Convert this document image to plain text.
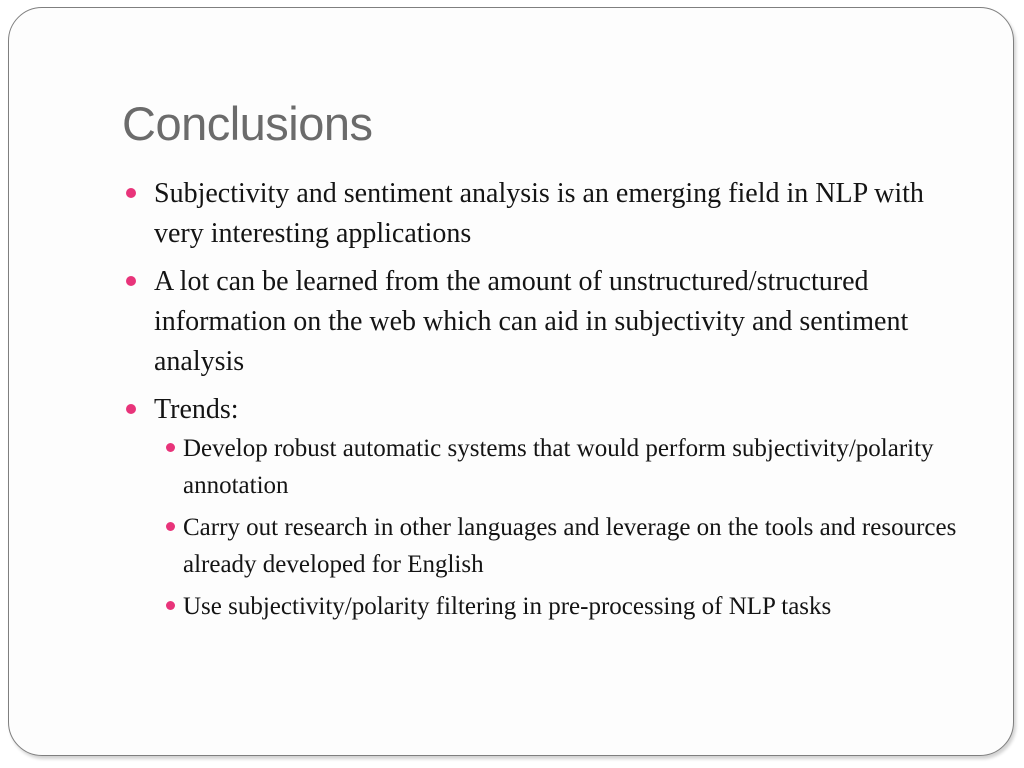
Conclusions
Subjectivity and sentiment analysis is an emerging field in NLP with very interesting applications
A lot can be learned from the amount of unstructured/structured information on the web which can aid in subjectivity and sentiment analysis
Trends:
Develop robust automatic systems that would perform subjectivity/polarity annotation
Carry out research in other languages and leverage on the tools and resources already developed for English
Use subjectivity/polarity filtering in pre-processing of NLP tasks
